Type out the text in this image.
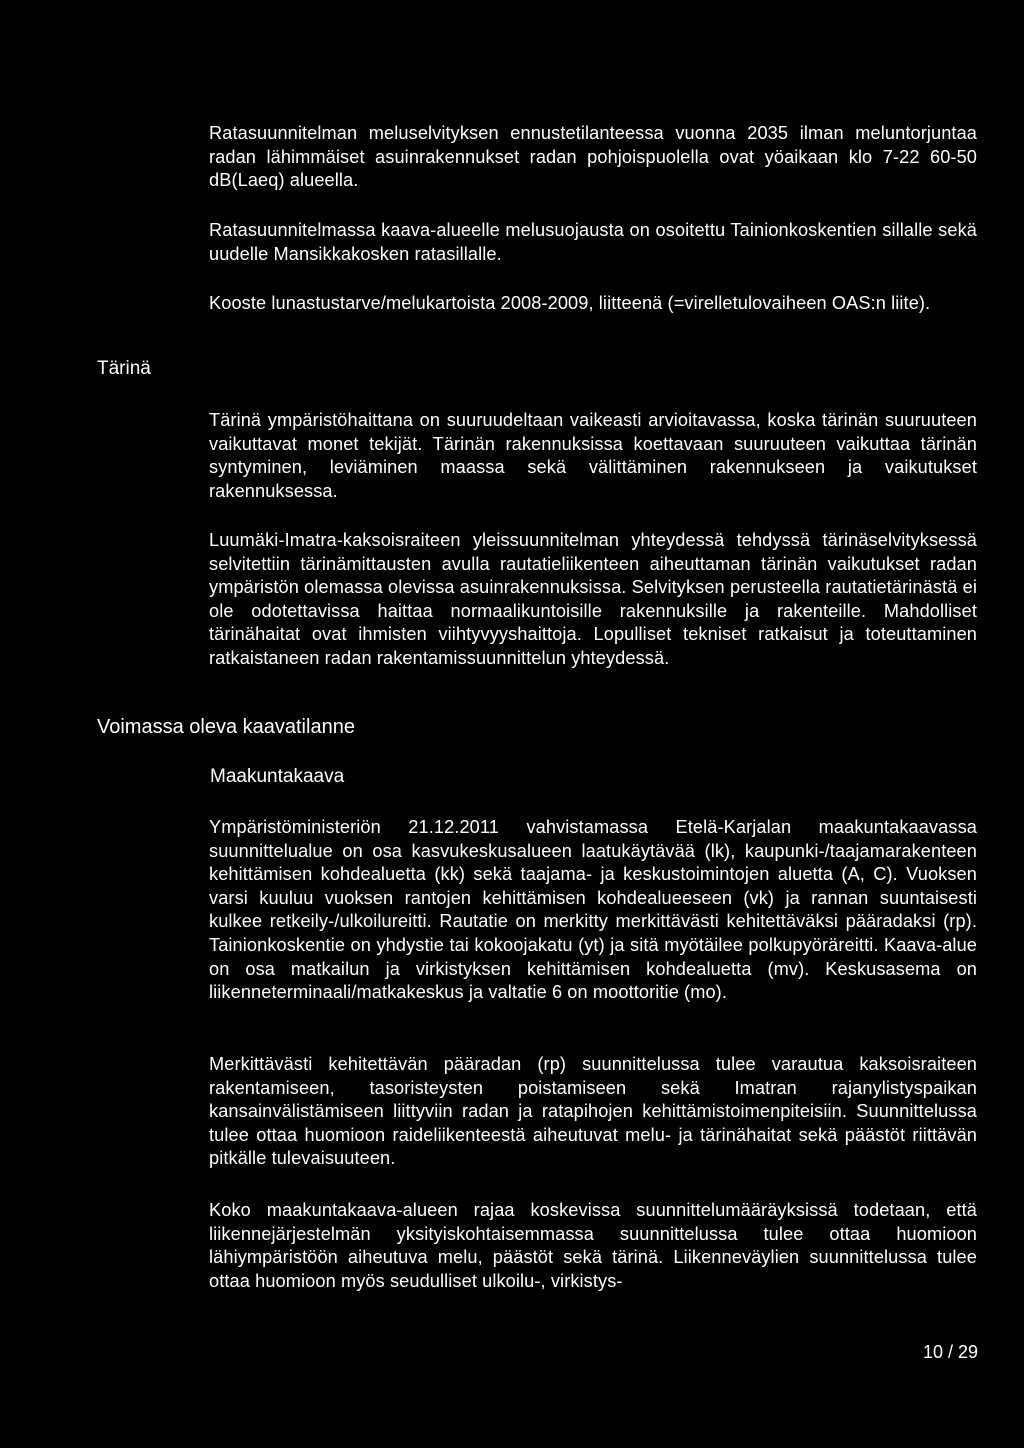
Ratasuunnitelman meluselvityksen ennustetilanteessa vuonna 2035 ilman meluntorjuntaa radan lähimmäiset asuinrakennukset radan pohjoispuolella ovat yöaikaan klo 7-22 60-50 dB(Laeq) alueella.

Ratasuunnitelmassa kaava-alueelle melusuojausta on osoitettu Tainionkoskentien sillalle sekä uudelle Mansikkakosken ratasillalle.

Kooste lunastustarve/melukartoista 2008-2009, liitteenä (=virelletulovaiheen OAS:n liite).

Tärinä

Tärinä ympäristöhaittana on suuruudeltaan vaikeasti arvioitavassa, koska tärinän suuruuteen vaikuttavat monet tekijät. Tärinän rakennuksissa koettavaan suuruuteen vaikuttaa tärinän syntyminen, leviäminen maassa sekä välittäminen rakennukseen ja vaikutukset rakennuksessa.

Luumäki-Imatra-kaksoisraiteen yleissuunnitelman yhteydessä tehdyssä tärinäselvityksessä selvitettiin tärinämittausten avulla rautatieliikenteen aiheuttaman tärinän vaikutukset radan ympäristön olemassa olevissa asuinrakennuksissa. Selvityksen perusteella rautatietärinästä ei ole odotettavissa haittaa normaalikuntoisille rakennuksille ja rakenteille. Mahdolliset tärinähaitat ovat ihmisten viihtyvyyshaittoja. Lopulliset tekniset ratkaisut ja toteuttaminen ratkaistaneen radan rakentamissuunnittelun yhteydessä.

Voimassa oleva kaavatilanne
Maakuntakaava

Ympäristöministeriön 21.12.2011 vahvistamassa Etelä-Karjalan maakuntakaavassa suunnittelualue on osa kasvukeskusalueen laatukäytävää (lk), kaupunki-/taajamarakenteen kehittämisen kohdealuetta (kk) sekä taajama- ja keskustoimintojen aluetta (A, C). Vuoksen varsi kuuluu vuoksen rantojen kehittämisen kohdealueeseen (vk) ja rannan suuntaisesti kulkee retkeily-/ulkoilureitti. Rautatie on merkitty merkittävästi kehitettäväksi pääradaksi (rp). Tainionkoskentie on yhdystie tai kokoojakatu (yt) ja sitä myötäilee polkupyöräreitti. Kaava-alue on osa matkailun ja virkistyksen kehittämisen kohdealuetta (mv). Keskusasema on liikenneterminaali/matkakeskus ja valtatie 6 on moottoritie (mo).

Merkittävästi kehitettävän pääradan (rp) suunnittelussa tulee varautua kaksoisraiteen rakentamiseen, tasoristeysten poistamiseen sekä Imatran rajanylistyspaikan kansainvälistämiseen liittyviin radan ja ratapihojen kehittämistoimenpiteisiin. Suunnittelussa tulee ottaa huomioon raideliikenteestä aiheutuvat melu- ja tärinähaitat sekä päästöt riittävän pitkälle tulevaisuuteen.

Koko maakuntakaava-alueen rajaa koskevissa suunnittelumääräyksissä todetaan, että liikennejärjestelmän yksityiskohtaisemmassa suunnittelussa tulee ottaa huomioon lähiympäristöön aiheutuva melu, päästöt sekä tärinä. Liikenneväylien suunnittelussa tulee ottaa huomioon myös seudulliset ulkoilu-, virkistys-

10 / 29
